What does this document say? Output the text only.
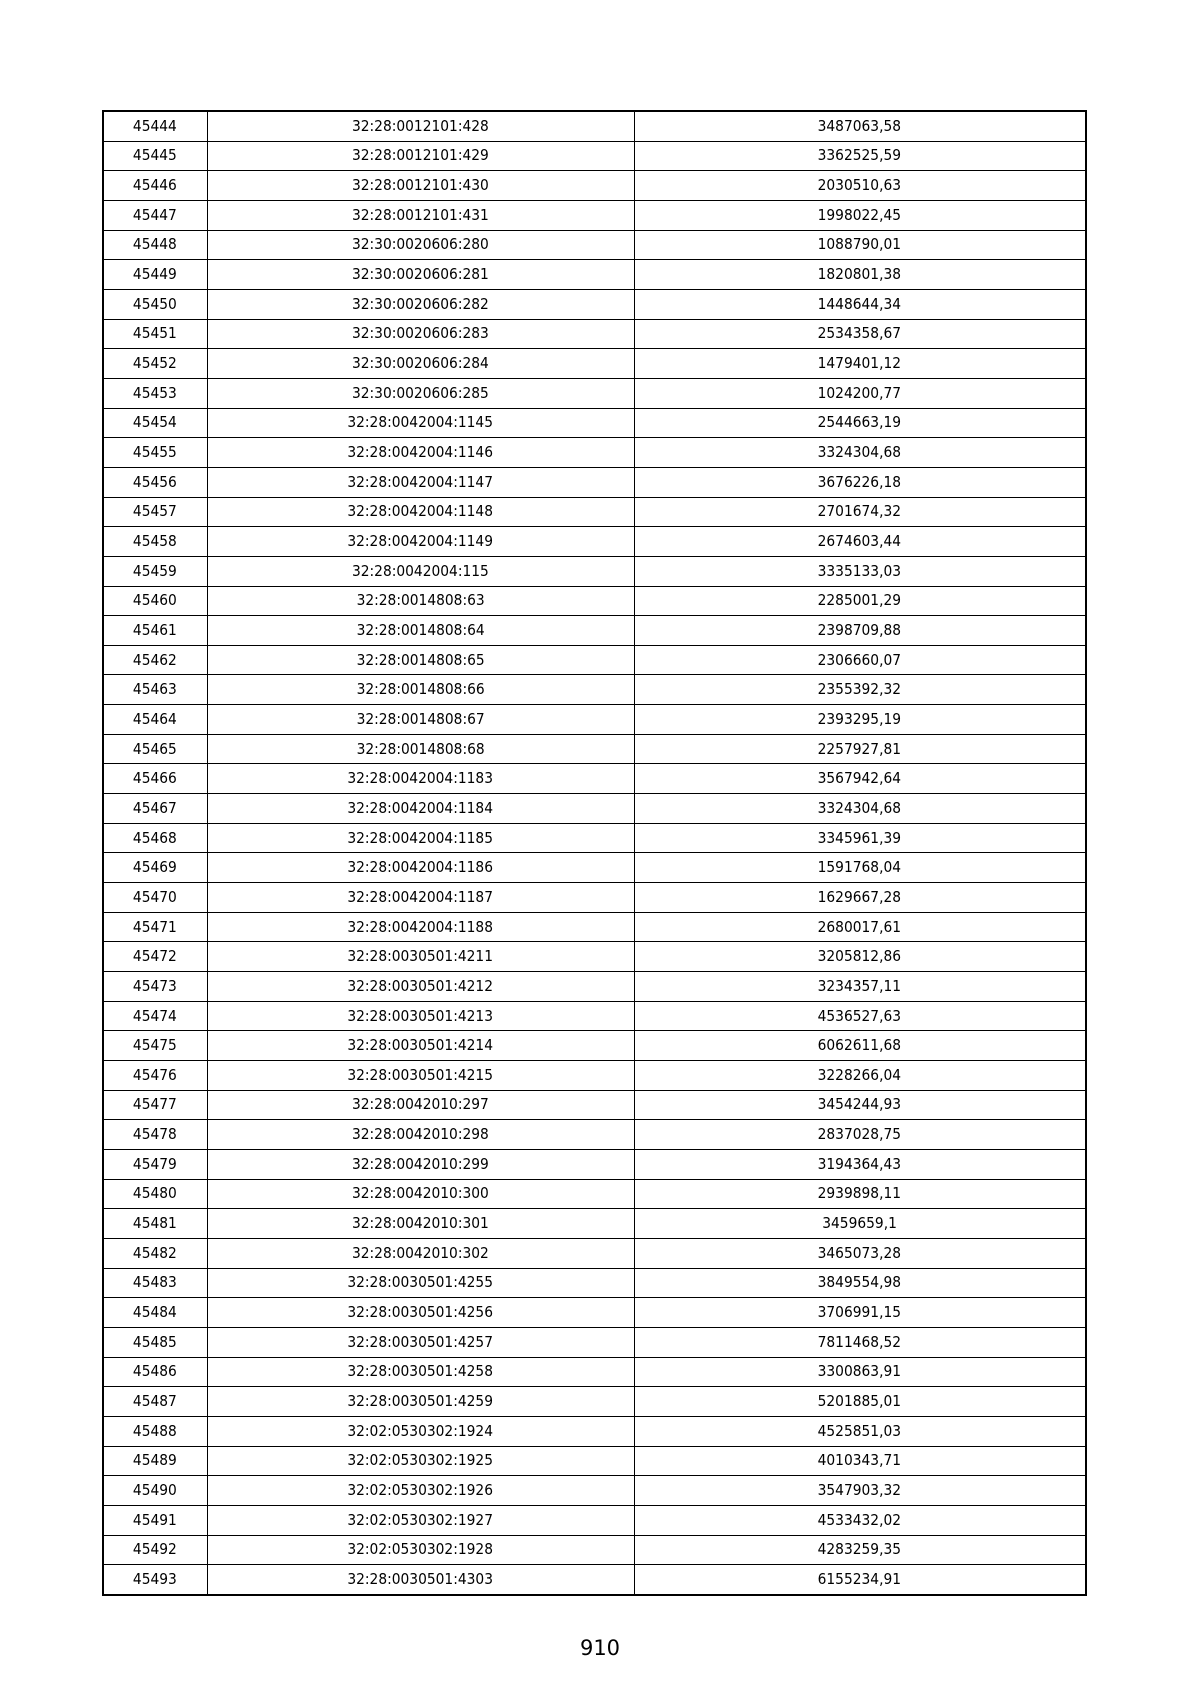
45444	32:28:0012101:428	3487063,58
45445	32:28:0012101:429	3362525,59
45446	32:28:0012101:430	2030510,63
45447	32:28:0012101:431	1998022,45
45448	32:30:0020606:280	1088790,01
45449	32:30:0020606:281	1820801,38
45450	32:30:0020606:282	1448644,34
45451	32:30:0020606:283	2534358,67
45452	32:30:0020606:284	1479401,12
45453	32:30:0020606:285	1024200,77
45454	32:28:0042004:1145	2544663,19
45455	32:28:0042004:1146	3324304,68
45456	32:28:0042004:1147	3676226,18
45457	32:28:0042004:1148	2701674,32
45458	32:28:0042004:1149	2674603,44
45459	32:28:0042004:115	3335133,03
45460	32:28:0014808:63	2285001,29
45461	32:28:0014808:64	2398709,88
45462	32:28:0014808:65	2306660,07
45463	32:28:0014808:66	2355392,32
45464	32:28:0014808:67	2393295,19
45465	32:28:0014808:68	2257927,81
45466	32:28:0042004:1183	3567942,64
45467	32:28:0042004:1184	3324304,68
45468	32:28:0042004:1185	3345961,39
45469	32:28:0042004:1186	1591768,04
45470	32:28:0042004:1187	1629667,28
45471	32:28:0042004:1188	2680017,61
45472	32:28:0030501:4211	3205812,86
45473	32:28:0030501:4212	3234357,11
45474	32:28:0030501:4213	4536527,63
45475	32:28:0030501:4214	6062611,68
45476	32:28:0030501:4215	3228266,04
45477	32:28:0042010:297	3454244,93
45478	32:28:0042010:298	2837028,75
45479	32:28:0042010:299	3194364,43
45480	32:28:0042010:300	2939898,11
45481	32:28:0042010:301	3459659,1
45482	32:28:0042010:302	3465073,28
45483	32:28:0030501:4255	3849554,98
45484	32:28:0030501:4256	3706991,15
45485	32:28:0030501:4257	7811468,52
45486	32:28:0030501:4258	3300863,91
45487	32:28:0030501:4259	5201885,01
45488	32:02:0530302:1924	4525851,03
45489	32:02:0530302:1925	4010343,71
45490	32:02:0530302:1926	3547903,32
45491	32:02:0530302:1927	4533432,02
45492	32:02:0530302:1928	4283259,35
45493	32:28:0030501:4303	6155234,91
910
